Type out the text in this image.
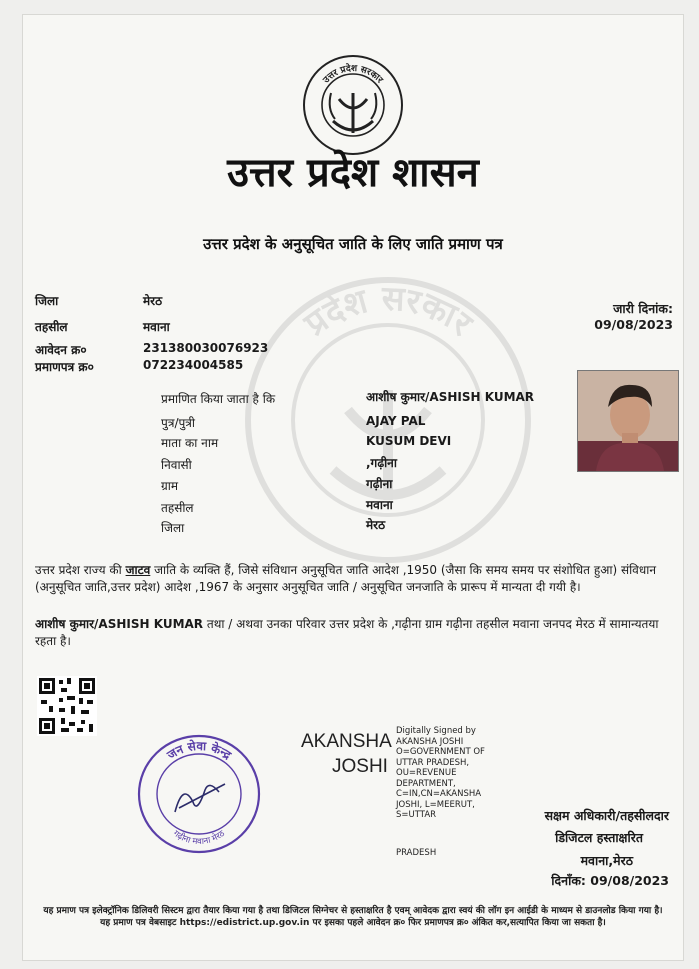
प्रदेश सरकार
उत्तर प्रदेश सरकार
उत्तर प्रदेश शासन
उत्तर प्रदेश के अनुसूचित जाति के लिए जाति प्रमाण पत्र
जिला	मेरठ
तहसील	मवाना
आवेदन क्र०	231380030076923
प्रमाणपत्र क्र०	072234004585
जारी दिनांक:
09/08/2023
प्रमाणित किया जाता है कि	आशीष कुमार/ASHISH KUMAR
पुत्र/पुत्री	AJAY PAL
माता का नाम	KUSUM DEVI
निवासी	,गढ़ीना
ग्राम	गढ़ीना
तहसील	मवाना
जिला	मेरठ
उत्तर प्रदेश राज्य की जाटव जाति के व्यक्ति हैं, जिसे संविधान अनुसूचित जाति आदेश ,1950 (जैसा कि समय समय पर संशोधित हुआ) संविधान (अनुसूचित जाति,उत्तर प्रदेश) आदेश ,1967 के अनुसार अनुसूचित जाति / अनुसूचित जनजाति के प्रारूप में मान्यता दी गयी है।
आशीष कुमार/ASHISH KUMAR तथा / अथवा उनका परिवार उत्तर प्रदेश के ,गढ़ीना ग्राम गढ़ीना तहसील मवाना जनपद मेरठ में सामान्यतया रहता है।
AKANSHA
JOSHI
Digitally Signed by AKANSHA JOSHI O=GOVERNMENT OF UTTAR PRADESH, OU=REVENUE DEPARTMENT, C=IN,CN=AKANSHA JOSHI, L=MEERUT, S=UTTAR
PRADESH
जन सेवा केन्द्र
गढ़ीना मवाना मेरठ
सक्षम अधिकारी/तहसीलदार
डिजिटल हस्ताक्षरित
मवाना,मेरठ
दिनाँक: 09/08/2023
यह प्रमाण पत्र इलेक्ट्रॉनिक डिलिवरी सिस्टम द्वारा तैयार किया गया है तथा डिजिटल सिग्नेचर से हस्ताक्षरित है एवम् आवेदक द्वारा स्वयं की लॉग इन आईडी के माध्यम से डाउनलोड किया गया है। यह प्रमाण पत्र वेबसाइट https://edistrict.up.gov.in पर इसका पहले आवेदन क्र० फिर प्रमाणपत्र क्र० अंकित कर,सत्यापित किया जा सकता है।
